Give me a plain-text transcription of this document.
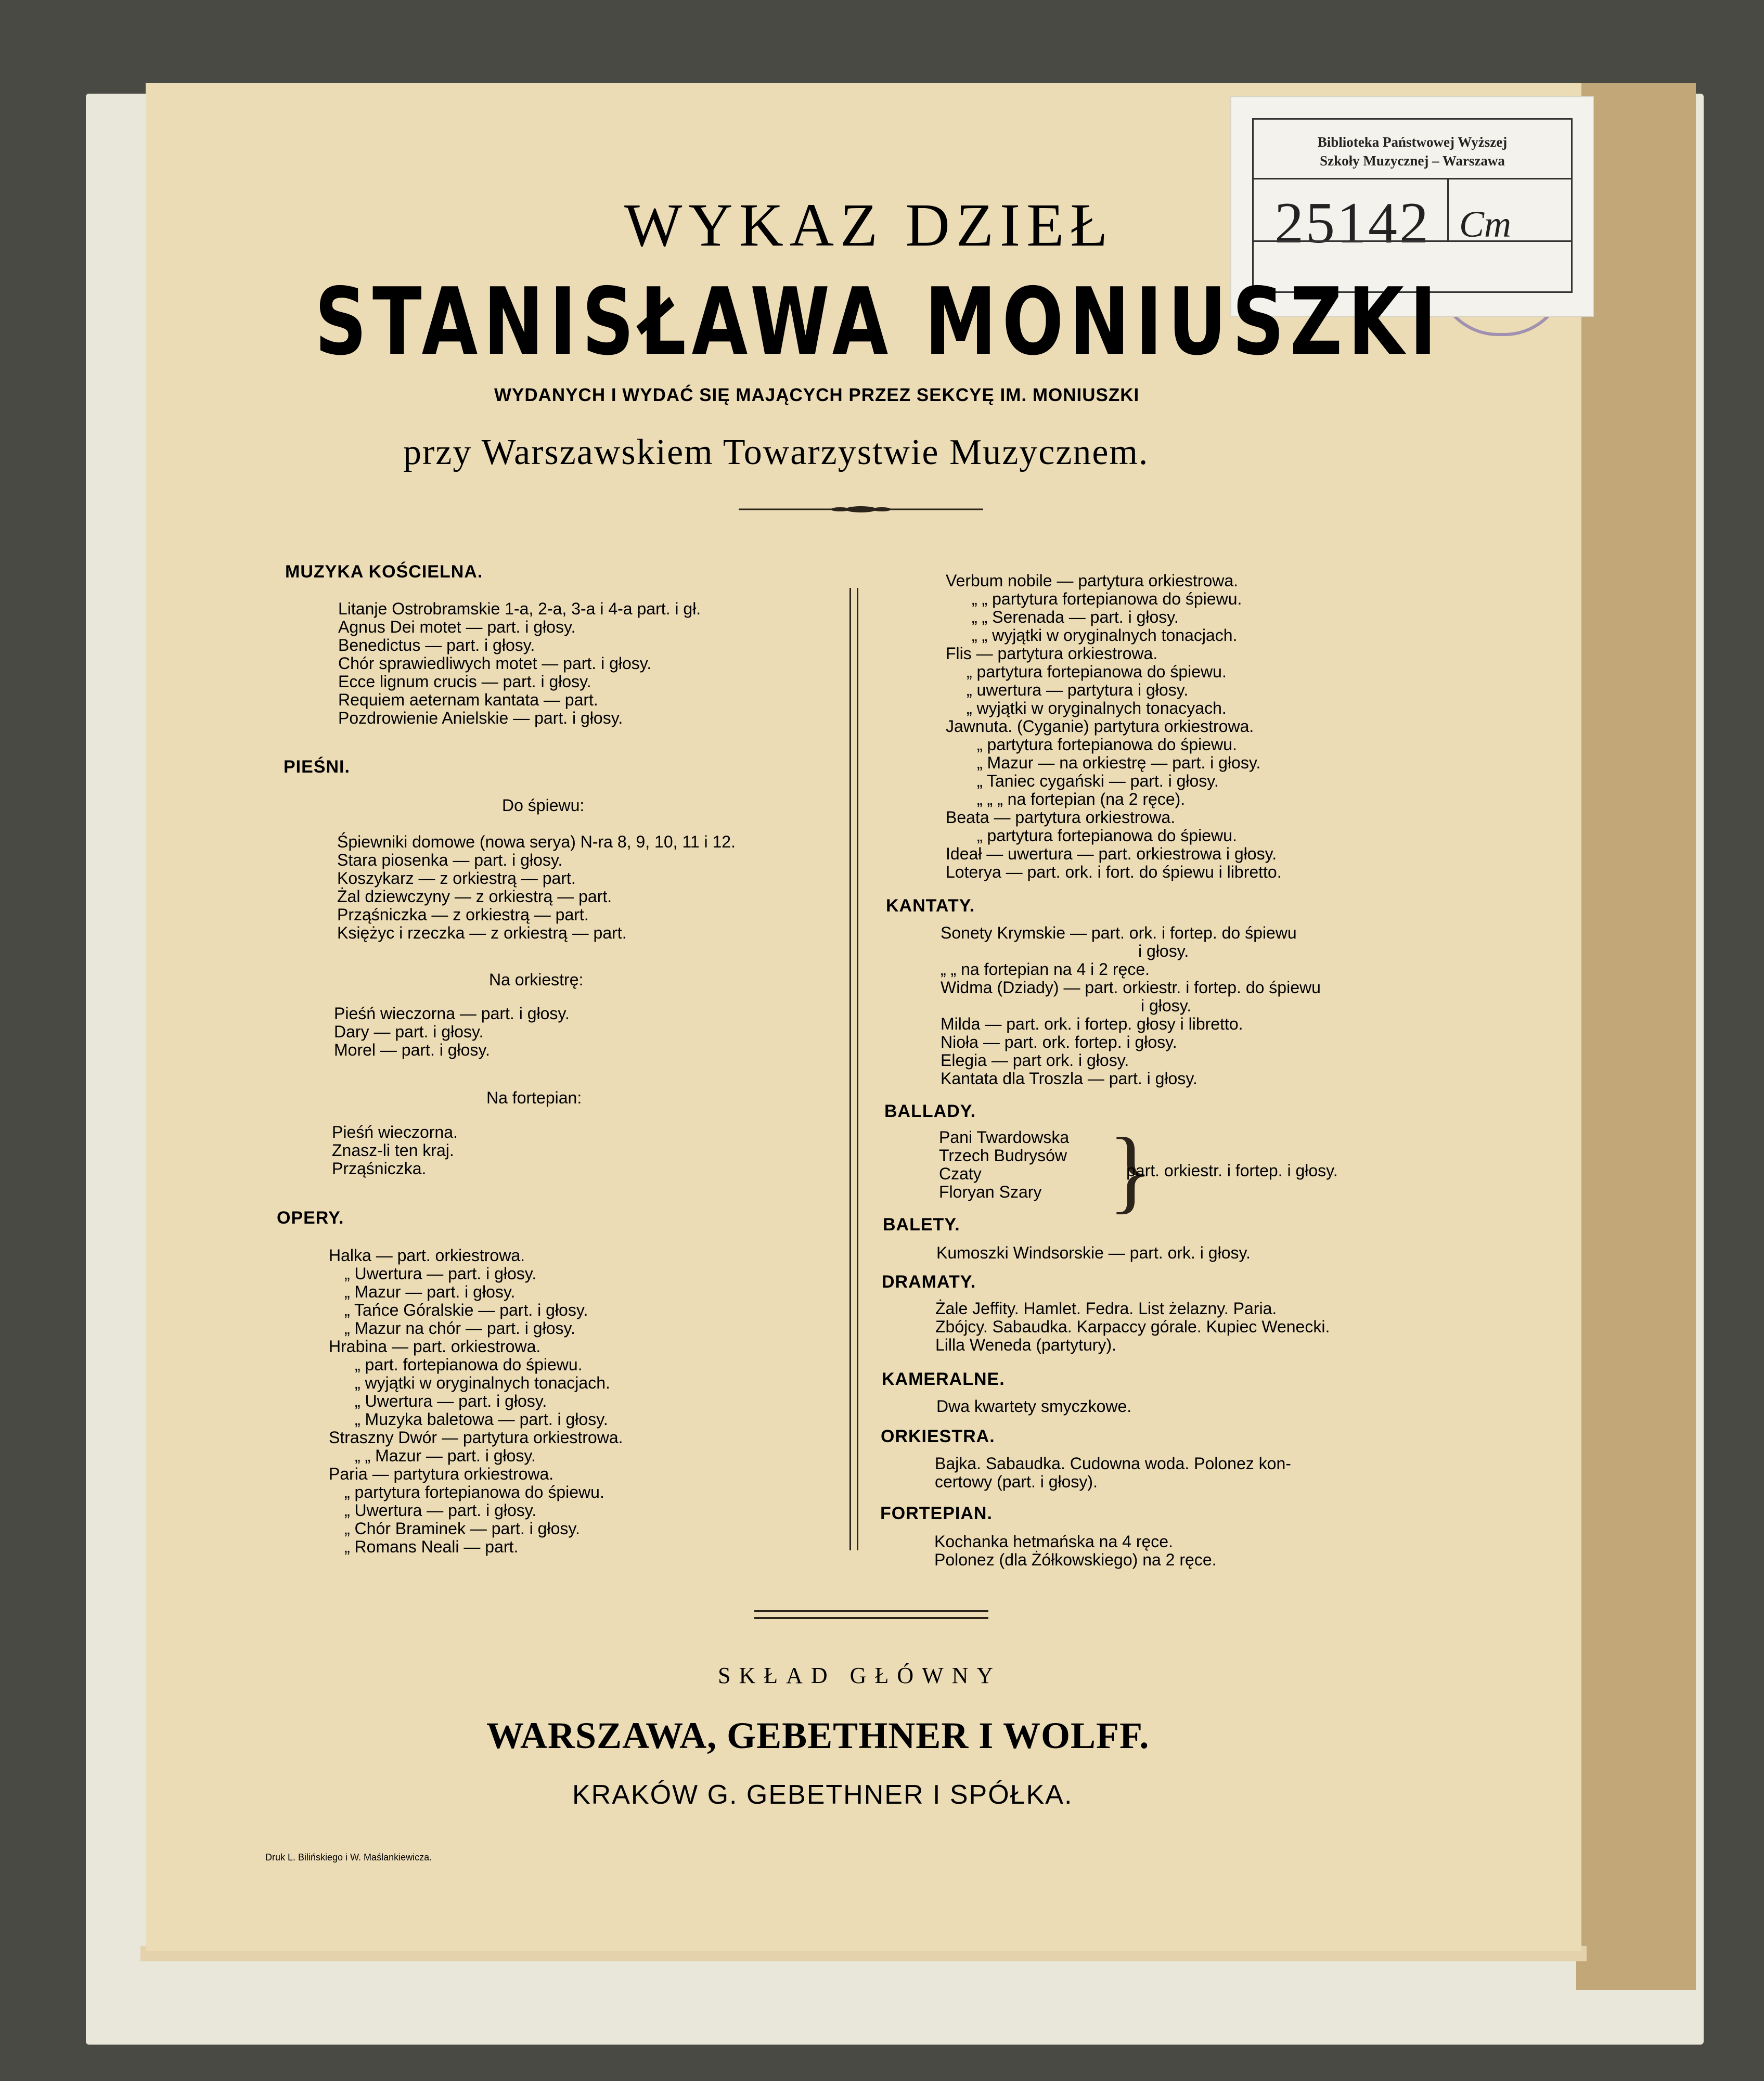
Biblioteka Państwowej Wyższej
Szkoły Muzycznej – Warszawa
25142 Cm
WYKAZ DZIEŁ
STANISŁAWA MONIUSZKI
WYDANYCH I WYDAĆ SIĘ MAJĄCYCH PRZEZ SEKCYĘ IM. MONIUSZKI
przy Warszawskiem Towarzystwie Muzycznem.
MUZYKA KOŚCIELNA.
Litanje Ostrobramskie 1-a, 2-a, 3-a i 4-a part. i gł.
Agnus Dei motet — part. i głosy.
Benedictus — part. i głosy.
Chór sprawiedliwych motet — part. i głosy.
Ecce lignum crucis — part. i głosy.
Requiem aeternam kantata — part.
Pozdrowienie Anielskie — part. i głosy.
PIEŚNI.
Do śpiewu:
Śpiewniki domowe (nowa serya) N-ra 8, 9, 10, 11 i 12.
Stara piosenka — part. i głosy.
Koszykarz — z orkiestrą — part.
Żal dziewczyny — z orkiestrą — part.
Prząśniczka — z orkiestrą — part.
Księżyc i rzeczka — z orkiestrą — part.
Na orkiestrę:
Pieśń wieczorna — part. i głosy.
Dary — part. i głosy.
Morel — part. i głosy.
Na fortepian:
Pieśń wieczorna.
Znasz-li ten kraj.
Prząśniczka.
OPERY.
Halka — part. orkiestrowa.
„ Uwertura — part. i głosy.
„ Mazur — part. i głosy.
„ Tańce Góralskie — part. i głosy.
„ Mazur na chór — part. i głosy.
Hrabina — part. orkiestrowa.
„ part. fortepianowa do śpiewu.
„ wyjątki w oryginalnych tonacjach.
„ Uwertura — part. i głosy.
„ Muzyka baletowa — part. i głosy.
Straszny Dwór — partytura orkiestrowa.
„ „ Mazur — part. i głosy.
Paria — partytura orkiestrowa.
„ partytura fortepianowa do śpiewu.
„ Uwertura — part. i głosy.
„ Chór Braminek — part. i głosy.
„ Romans Neali — part.
Verbum nobile — partytura orkiestrowa.
„ „ partytura fortepianowa do śpiewu.
„ „ Serenada — part. i głosy.
„ „ wyjątki w oryginalnych tonacjach.
Flis — partytura orkiestrowa.
„ partytura fortepianowa do śpiewu.
„ uwertura — partytura i głosy.
„ wyjątki w oryginalnych tonacyach.
Jawnuta. (Cyganie) partytura orkiestrowa.
„ partytura fortepianowa do śpiewu.
„ Mazur — na orkiestrę — part. i głosy.
„ Taniec cygański — part. i głosy.
„ „ „ na fortepian (na 2 ręce).
Beata — partytura orkiestrowa.
„ partytura fortepianowa do śpiewu.
Ideał — uwertura — part. orkiestrowa i głosy.
Loterya — part. ork. i fort. do śpiewu i libretto.
KANTATY.
Sonety Krymskie — part. ork. i fortep. do śpiewu
i głosy.
„ „ na fortepian na 4 i 2 ręce.
Widma (Dziady) — part. orkiestr. i fortep. do śpiewu
i głosy.
Milda — part. ork. i fortep. głosy i libretto.
Nioła — part. ork. fortep. i głosy.
Elegia — part ork. i głosy.
Kantata dla Troszla — part. i głosy.
BALLADY.
Pani Twardowska
Trzech Budrysów
Czaty
Floryan Szary }
part. orkiestr. i fortep. i głosy.
BALETY.
Kumoszki Windsorskie — part. ork. i głosy.
DRAMATY.
Żale Jeffity. Hamlet. Fedra. List żelazny. Paria.
Zbójcy. Sabaudka. Karpaccy górale. Kupiec Wenecki.
Lilla Weneda (partytury).
KAMERALNE.
Dwa kwartety smyczkowe.
ORKIESTRA.
Bajka. Sabaudka. Cudowna woda. Polonez kon-
certowy (part. i głosy).
FORTEPIAN.
Kochanka hetmańska na 4 ręce.
Polonez (dla Żółkowskiego) na 2 ręce.
SKŁAD GŁÓWNY
WARSZAWA, GEBETHNER I WOLFF.
KRAKÓW G. GEBETHNER I SPÓŁKA.
Druk L. Bilińskiego i W. Maślankiewicza.
